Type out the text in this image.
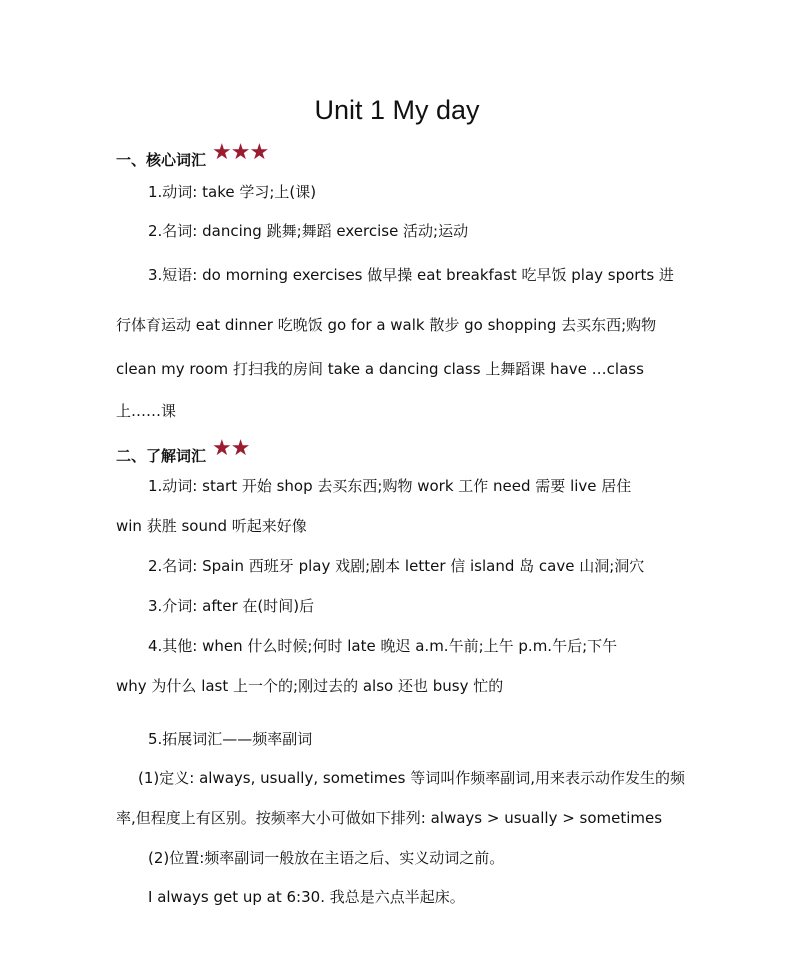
Unit 1 My day
一、核心词汇 ★★★
1.动词: take 学习;上(课)
2.名词: dancing 跳舞;舞蹈 exercise 活动;运动
3.短语: do morning exercises 做早操 eat breakfast 吃早饭 play sports 进
行体育运动 eat dinner 吃晚饭 go for a walk 散步 go shopping 去买东西;购物
clean my room 打扫我的房间 take a dancing class 上舞蹈课 have …class
上……课
二、了解词汇 ★★
1.动词: start 开始 shop 去买东西;购物 work 工作 need 需要 live 居住
win 获胜 sound 听起来好像
2.名词: Spain 西班牙 play 戏剧;剧本 letter 信 island 岛 cave 山洞;洞穴
3.介词: after 在(时间)后
4.其他: when 什么时候;何时 late 晚迟 a.m.午前;上午 p.m.午后;下午
why 为什么 last 上一个的;刚过去的 also 还也 busy 忙的
5.拓展词汇——频率副词
(1)定义: always, usually, sometimes 等词叫作频率副词,用来表示动作发生的频
率,但程度上有区别。按频率大小可做如下排列: always > usually > sometimes
(2)位置:频率副词一般放在主语之后、实义动词之前。
I always get up at 6:30. 我总是六点半起床。
